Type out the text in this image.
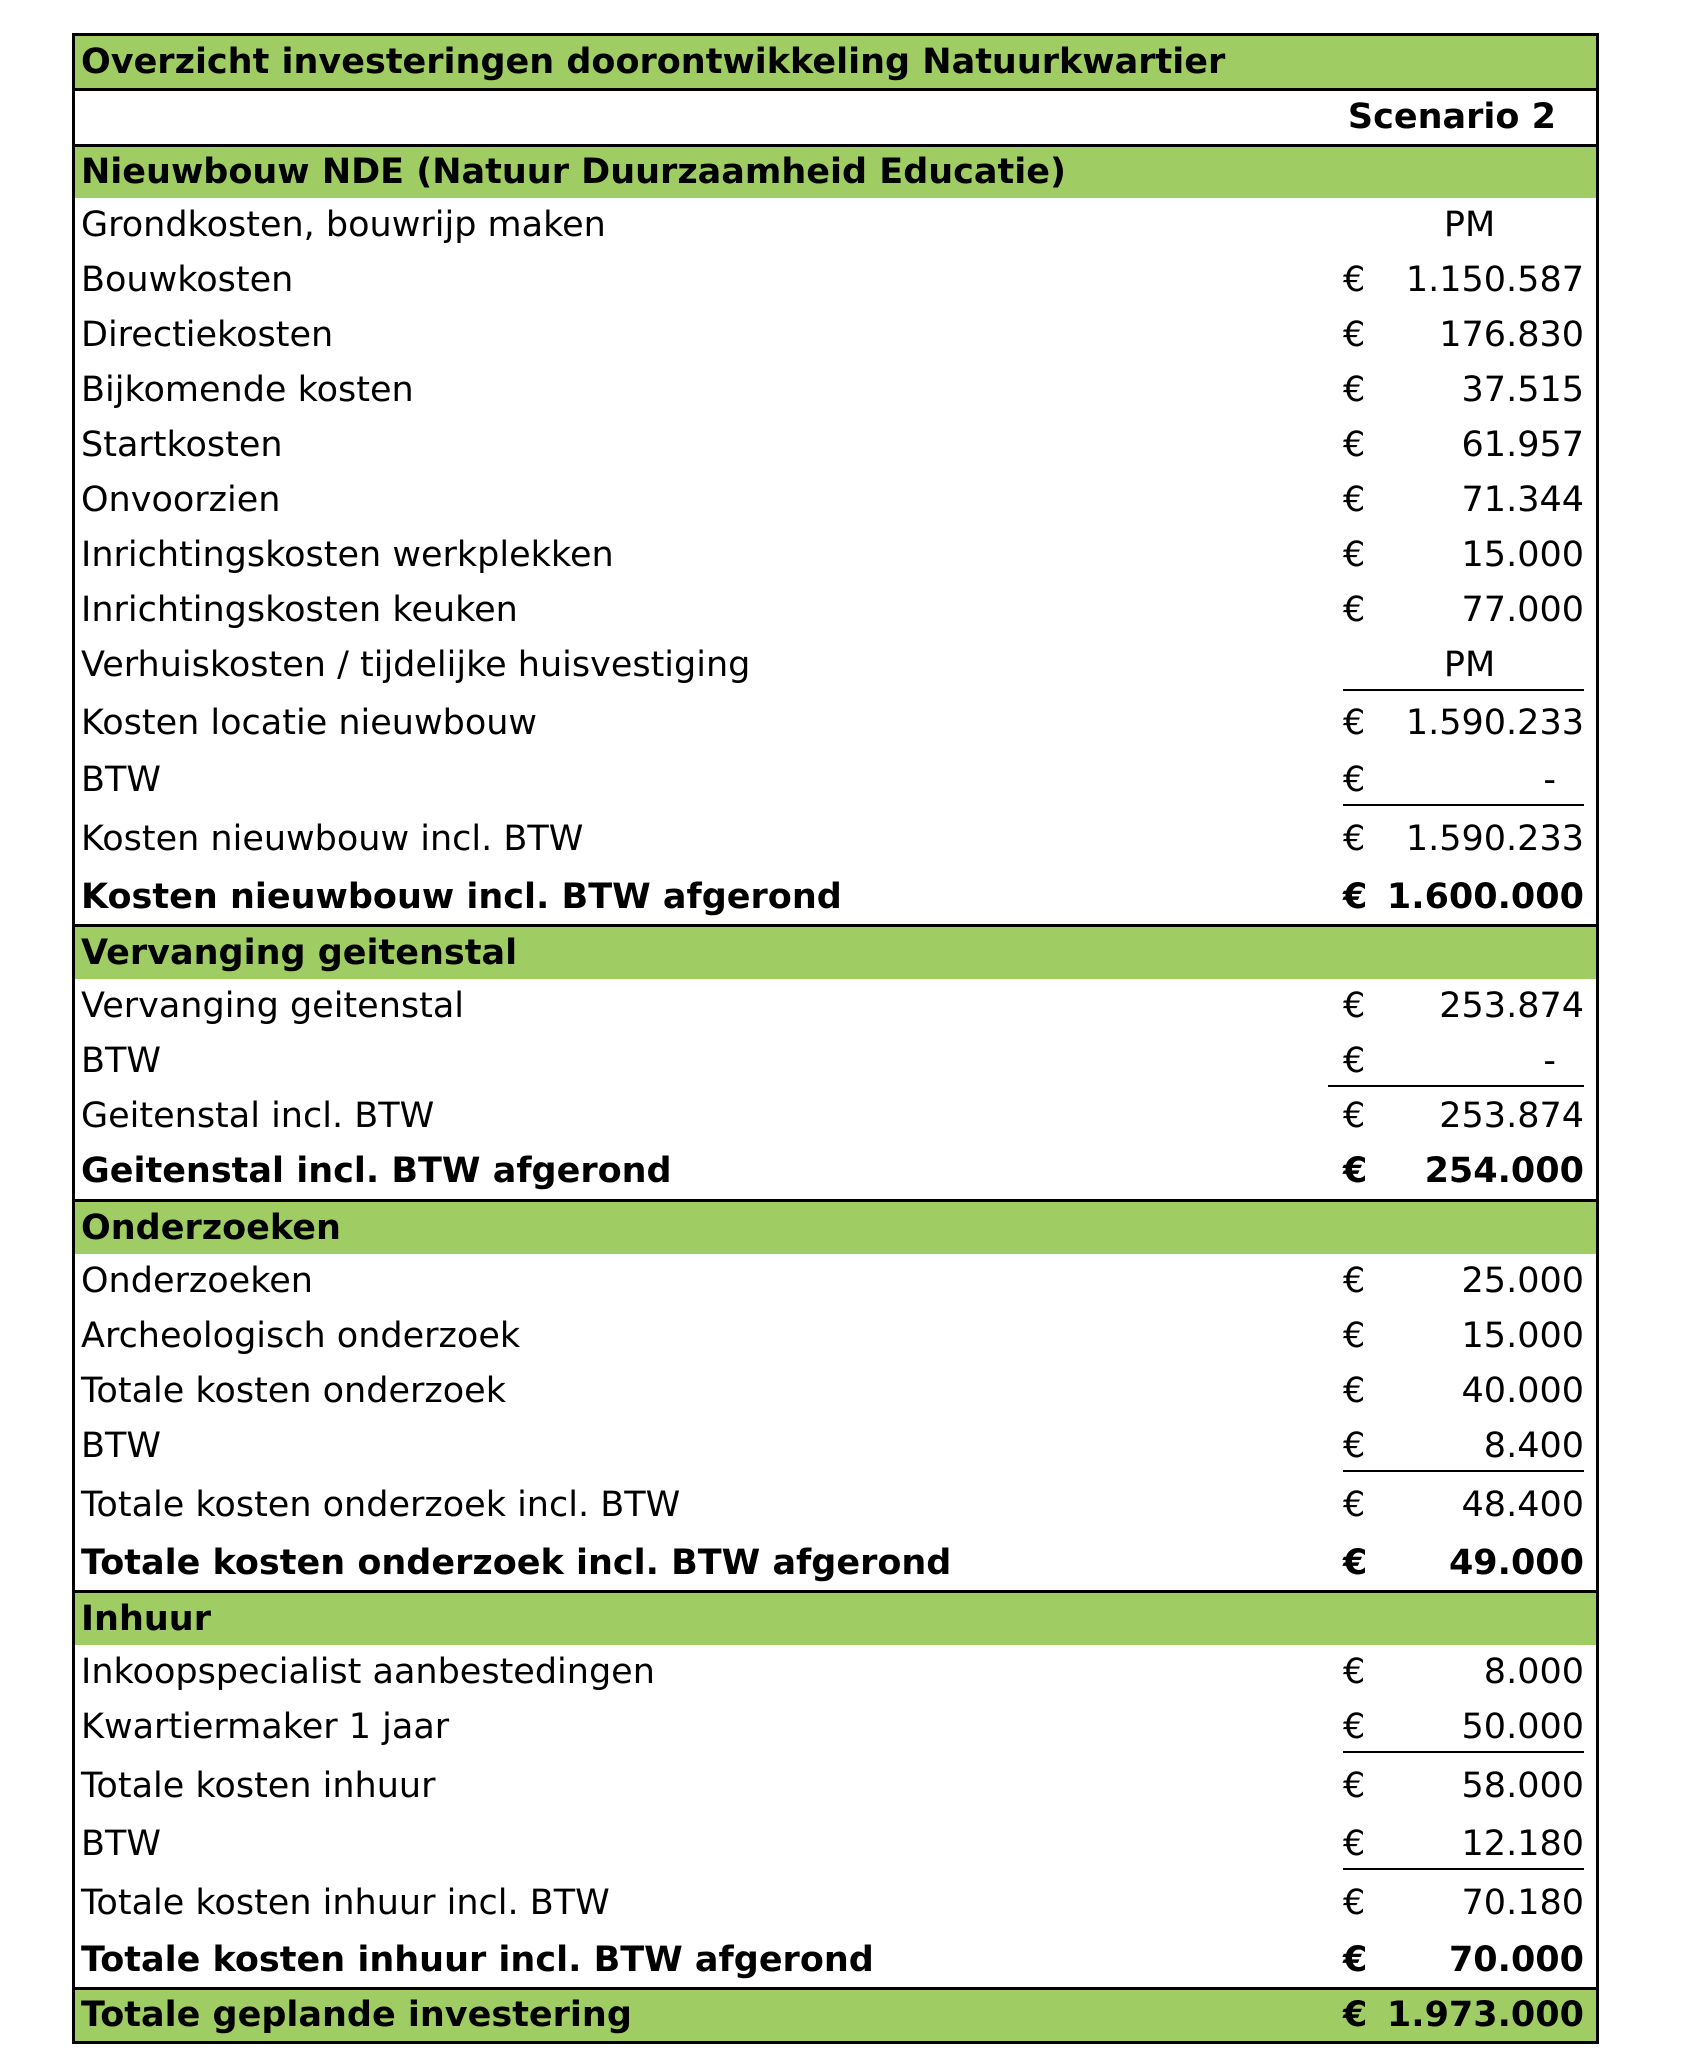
Overzicht investeringen doorontwikkeling Natuurkwartier
Scenario 2
Nieuwbouw NDE (Natuur Duurzaamheid Educatie)
Grondkosten, bouwrijp maken	PM
Bouwkosten	€ 1.150.587
Directiekosten	€ 176.830
Bijkomende kosten	€	37.515
Startkosten	€	61.957
Onvoorzien	€	71.344
Inrichtingskosten werkplekken	€	15.000
Inrichtingskosten keuken	€	77.000
Verhuiskosten / tijdelijke huisvestiging	PM
Kosten locatie nieuwbouw	€ 1.590.233
BTW	€	-
Kosten nieuwbouw incl. BTW	€ 1.590.233
Kosten nieuwbouw incl. BTW afgerond	€ 1.600.000
Vervanging geitenstal
Vervanging geitenstal	€ 253.874
BTW	€	-
Geitenstal incl. BTW	€ 253.874
Geitenstal incl. BTW afgerond	€ 254.000
Onderzoeken
Onderzoeken	€	25.000
Archeologisch onderzoek	€	15.000
Totale kosten onderzoek	€	40.000
BTW	€	8.400
Totale kosten onderzoek incl. BTW	€	48.400
Totale kosten onderzoek incl. BTW afgerond	€ 49.000
Inhuur
Inkoopspecialist aanbestedingen	€	8.000
Kwartiermaker 1 jaar	€	50.000
Totale kosten inhuur	€	58.000
BTW	€	12.180
Totale kosten inhuur incl. BTW	€	70.180
Totale kosten inhuur incl. BTW afgerond	€ 70.000
Totale geplande investering	€ 1.973.000
